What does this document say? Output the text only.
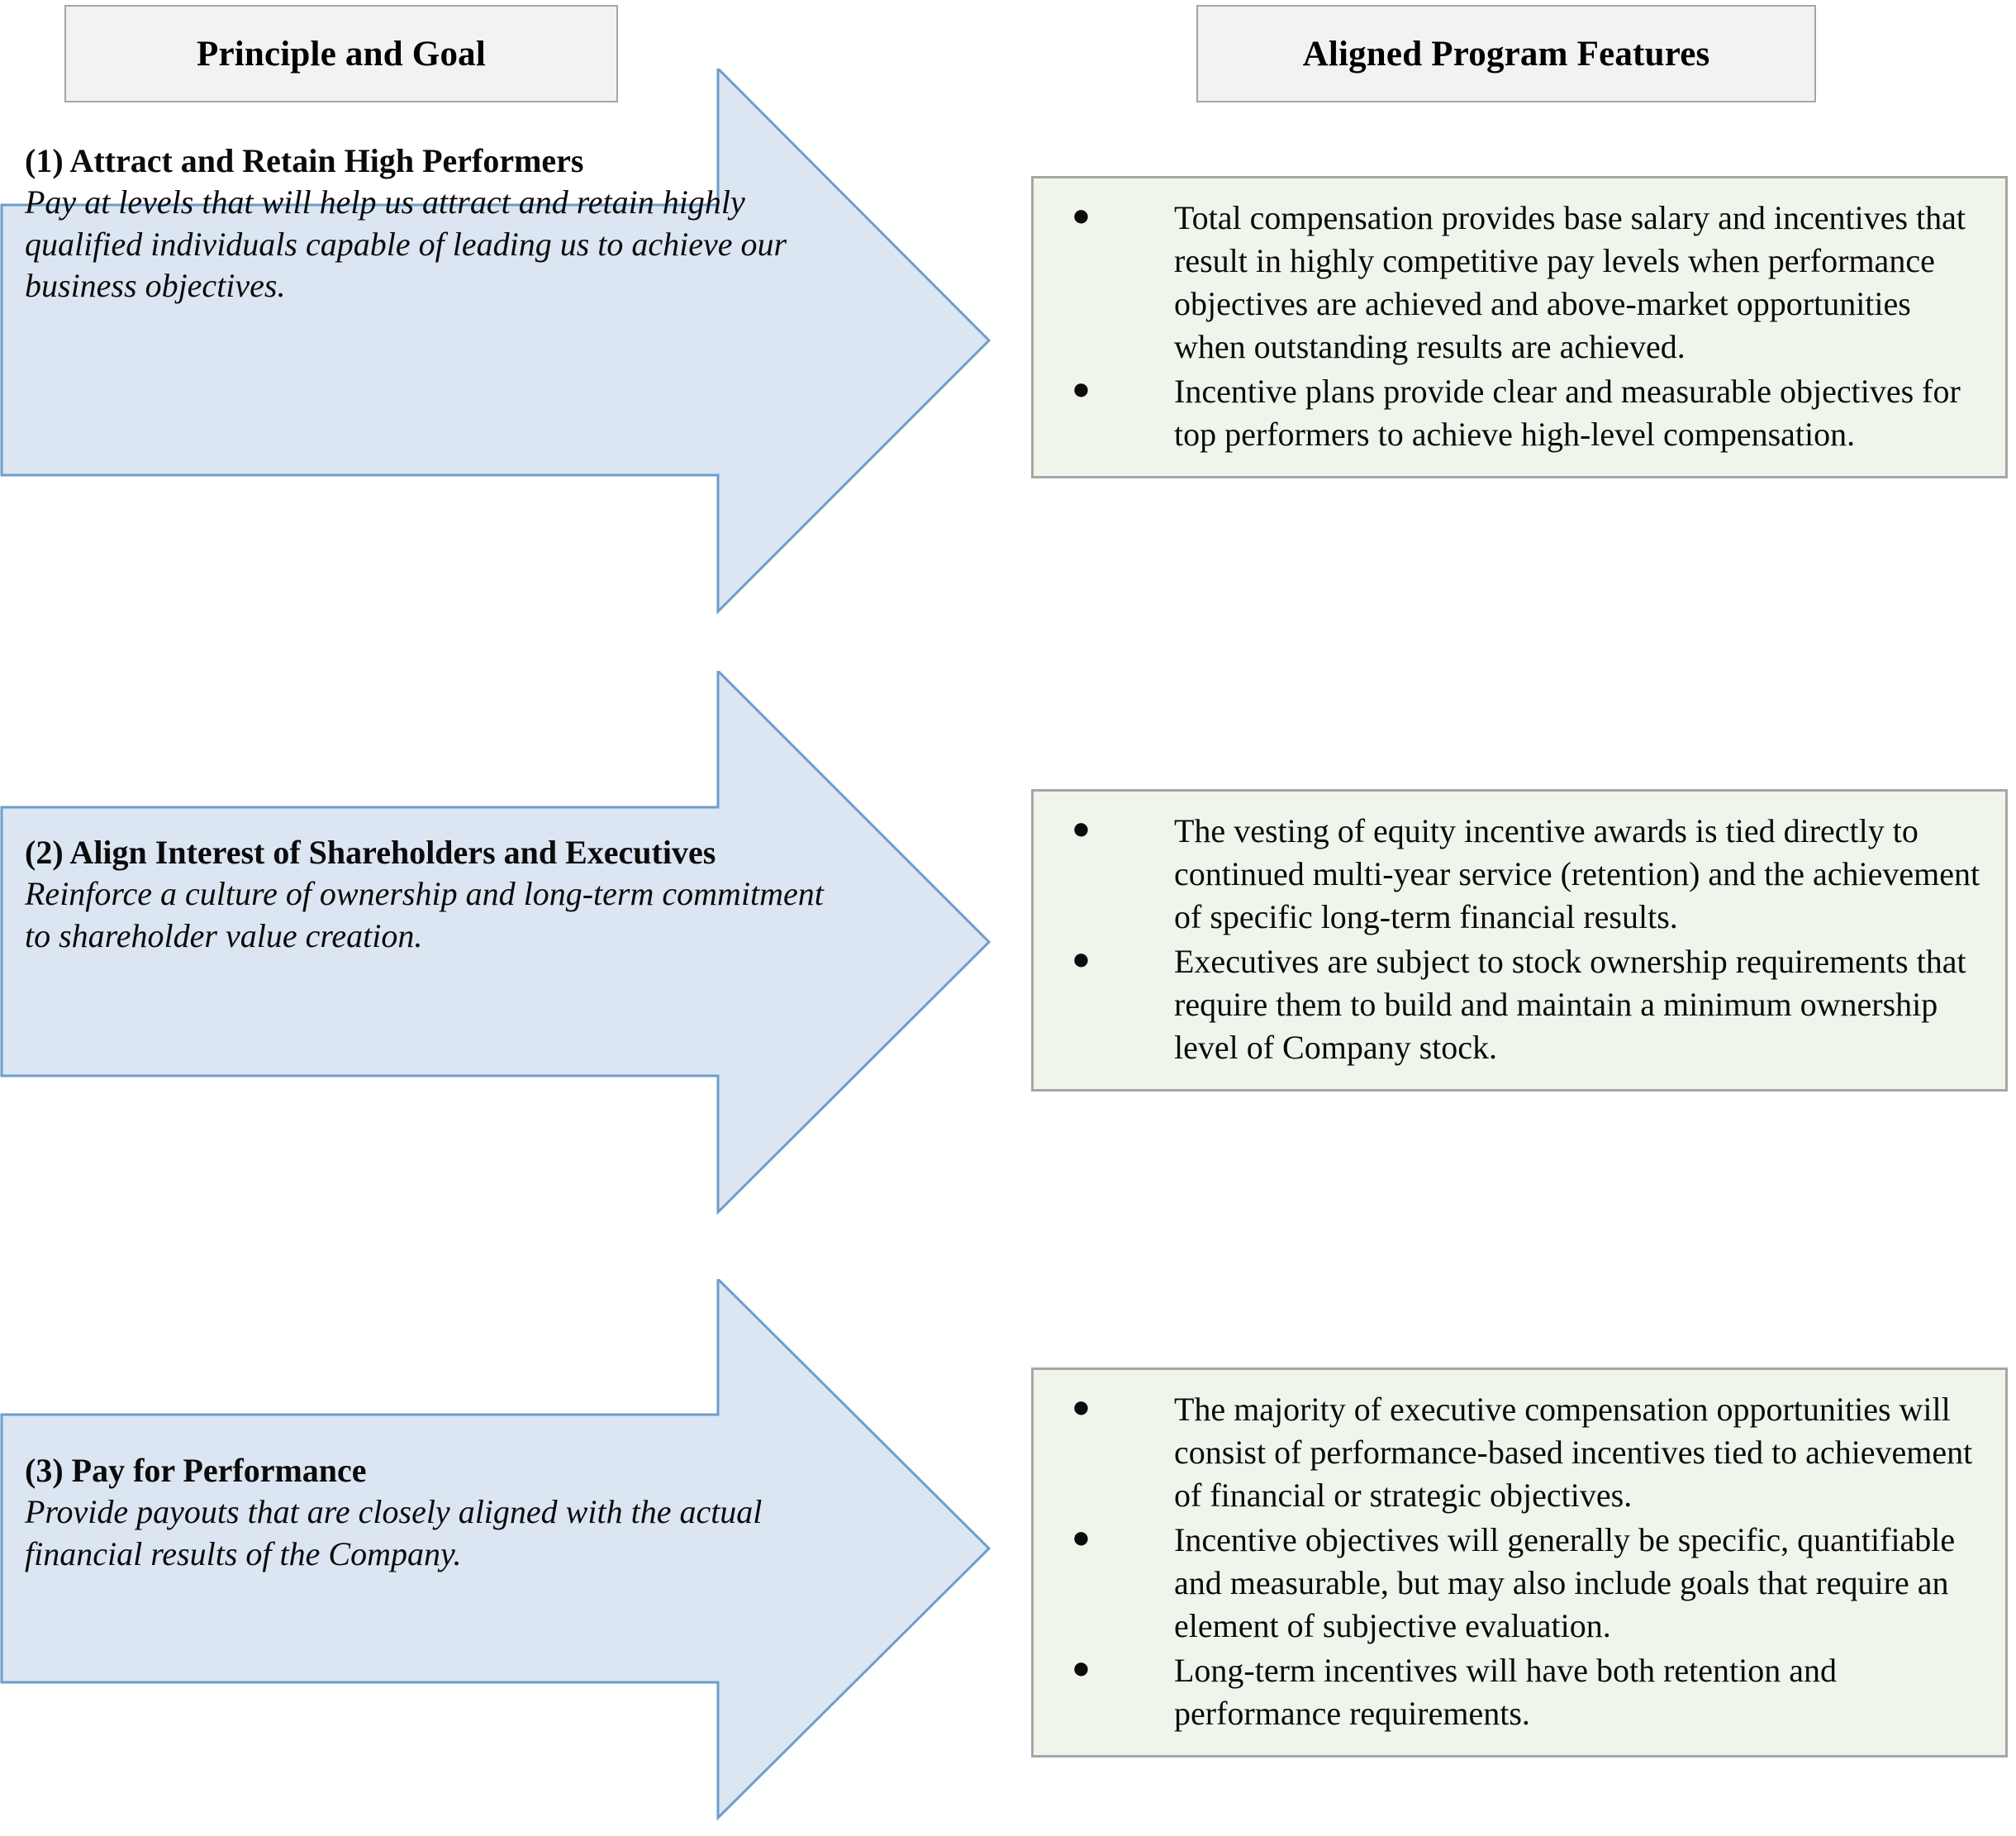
Principle and Goal	Aligned Program Features

(1) Attract and Retain High Performers

Pay at levels that will help us attract and retain highly qualified individuals capable of leading us to achieve our business objectives.

●	Total compensation provides base salary and incentives that result in highly competitive pay levels when performance objectives are achieved and above-market opportunities when outstanding results are achieved.
●	Incentive plans provide clear and measurable objectives for top performers to achieve high-level compensation.

(2) Align Interest of Shareholders and Executives

Reinforce a culture of ownership and long-term commitment to shareholder value creation.

●	The vesting of equity incentive awards is tied directly to continued multi-year service (retention) and the achievement of specific long-term financial results.
●	Executives are subject to stock ownership requirements that require them to build and maintain a minimum ownership level of Company stock.

(3) Pay for Performance

Provide payouts that are closely aligned with the actual financial results of the Company.

●	The majority of executive compensation opportunities will consist of performance-based incentives tied to achievement of financial or strategic objectives.
●	Incentive objectives will generally be specific, quantifiable and measurable, but may also include goals that require an element of subjective evaluation.
●	Long-term incentives will have both retention and performance requirements.
